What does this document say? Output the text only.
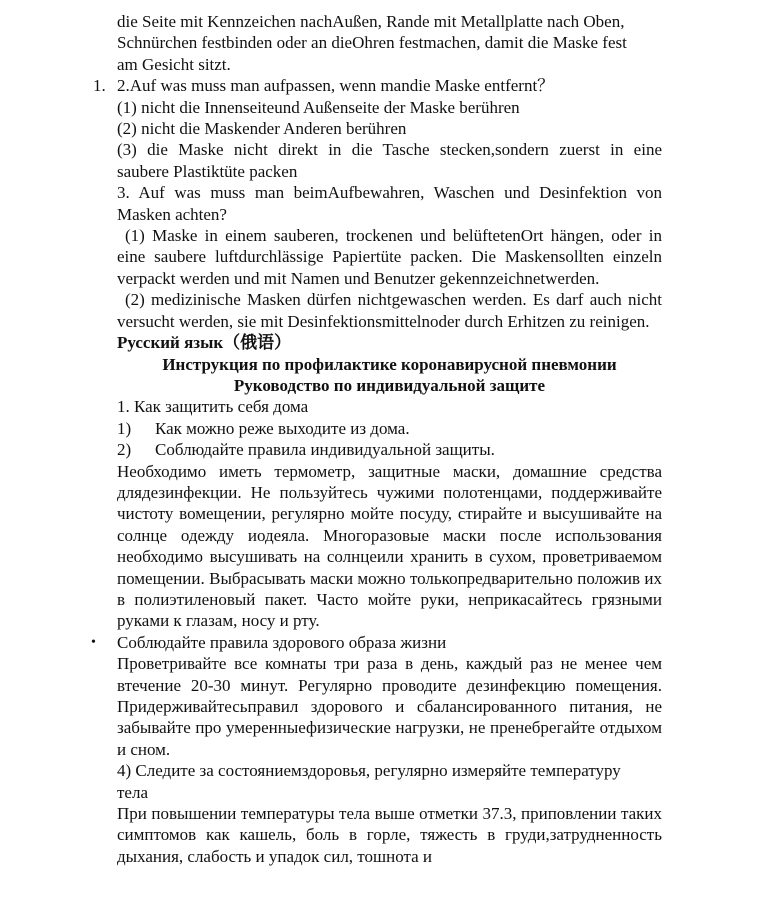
die Seite mit Kennzeichen nachAußen, Rande mit Metallplatte nach Oben,

Schnürchen festbinden oder an dieOhren festmachen, damit die Maske fest

am Gesicht sitzt.

1. 2.Auf was muss man aufpassen, wenn mandie Maske entfernt？

(1) nicht die Innenseiteund Außenseite der Maske berühren

(2) nicht die Maskender Anderen berühren

(3) die Maske nicht direkt in die Tasche stecken,sondern zuerst in eine

saubere Plastiktüte packen

3. Auf was muss man beimAufbewahren, Waschen und Desinfektion von

Masken achten?

(1) Maske in einem sauberen, trockenen und belüftetenOrt hängen, oder in eine saubere luftdurchlässige Papiertüte packen. Die Maskensollten einzeln verpackt werden und mit Namen und Benutzer gekennzeichnetwerden.

(2) medizinische Masken dürfen nichtgewaschen werden. Es darf auch nicht versucht werden, sie mit Desinfektionsmittelnoder durch Erhitzen zu reinigen.

Русский язык（俄语）

Инструкция по профилактике коронавирусной пневмонии

Руководство по индивидуальной защите

1. Как защитить себя дома

1)	Как можно реже выходите из дома.
2)	Соблюдайте правила индивидуальной защиты.

Необходимо иметь термометр, защитные маски, домашние средства длядезинфекции. Не пользуйтесь чужими полотенцами, поддерживайте чистоту вомещении, регулярно мойте посуду, стирайте и высушивайте на солнце одежду иодеяла. Многоразовые маски после использования необходимо высушивать на солнцеили хранить в сухом, проветриваемом помещении. Выбрасывать маски можно толькопредварительно положив их в полиэтиленовый пакет. Часто мойте руки, неприкасайтесь грязными руками к глазам, носу и рту.

• Соблюдайте правила здорового образа жизни

Проветривайте все комнаты три раза в день, каждый раз не менее чем втечение 20-30 минут. Регулярно проводите дезинфекцию помещения. Придерживайтесьправил здорового и сбалансированного питания, не забывайте про умеренныефизические нагрузки, не пренебрегайте отдыхом и сном.

4) Следите за состояниемздоровья, регулярно измеряйте температуру

тела

При повышении температуры тела выше отметки 37.3, приповлении таких симптомов как кашель, боль в горле, тяжесть в груди,затрудненность дыхания, слабость и упадок сил, тошнота и
